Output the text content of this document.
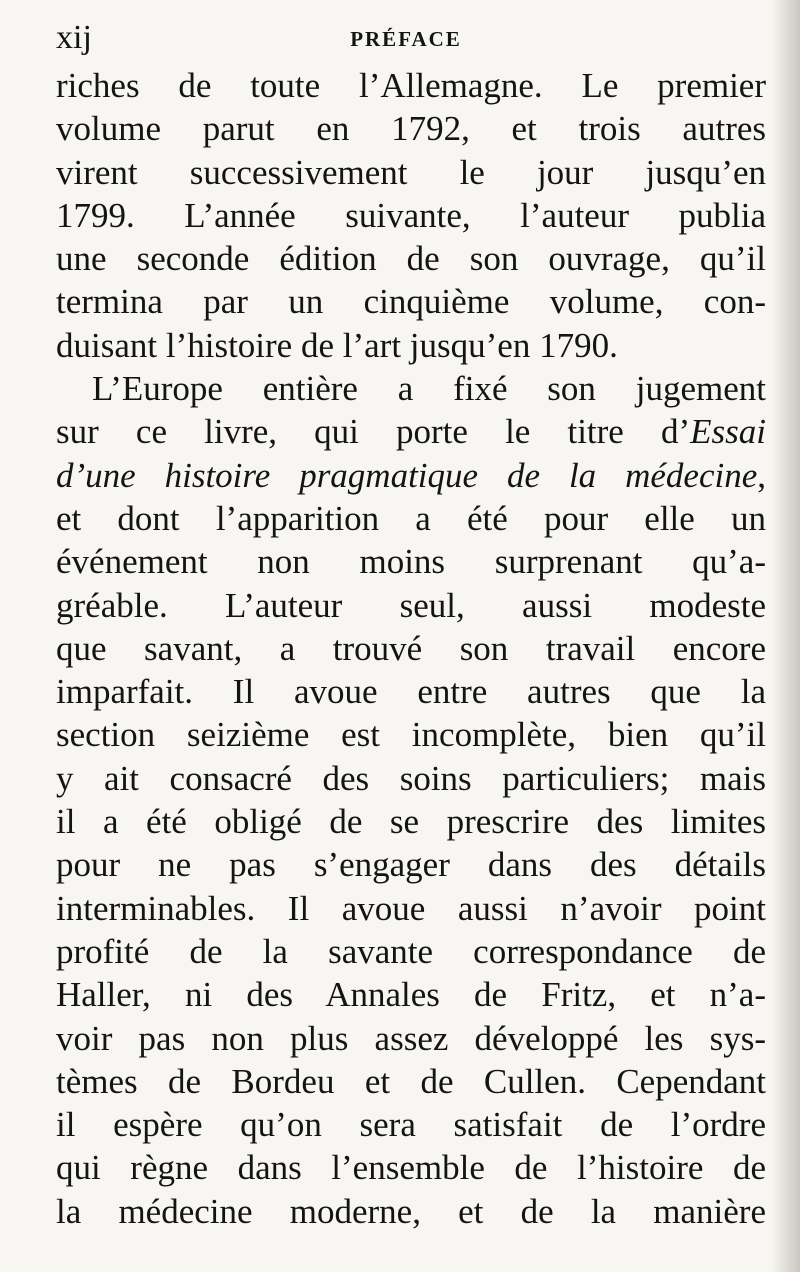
xij	PRÉFACE
riches de toute l’Allemagne. Le premier
volume parut en 1792, et trois autres
virent successivement le jour jusqu’en
1799. L’année suivante, l’auteur publia
une seconde édition de son ouvrage, qu’il
termina par un cinquième volume, con-
duisant l’histoire de l’art jusqu’en 1790.
L’Europe entière a fixé son jugement
sur ce livre, qui porte le titre d’Essai
d’une histoire pragmatique de la médecine,
et dont l’apparition a été pour elle un
événement non moins surprenant qu’a-
gréable. L’auteur seul, aussi modeste
que savant, a trouvé son travail encore
imparfait. Il avoue entre autres que la
section seizième est incomplète, bien qu’il
y ait consacré des soins particuliers; mais
il a été obligé de se prescrire des limites
pour ne pas s’engager dans des détails
interminables. Il avoue aussi n’avoir point
profité de la savante correspondance de
Haller, ni des Annales de Fritz, et n’a-
voir pas non plus assez développé les sys-
tèmes de Bordeu et de Cullen. Cependant
il espère qu’on sera satisfait de l’ordre
qui règne dans l’ensemble de l’histoire de
la médecine moderne, et de la manière
